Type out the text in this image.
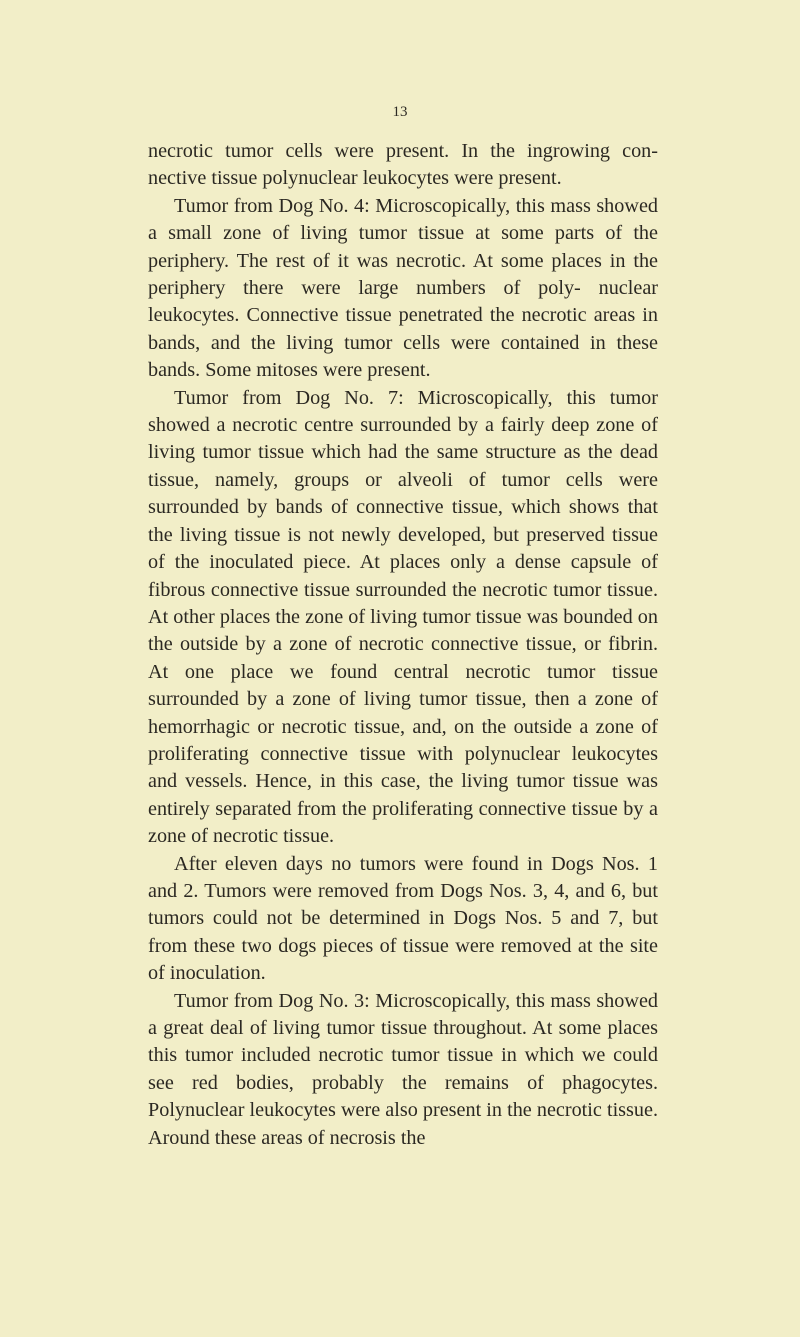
13

necrotic tumor cells were present. In the ingrowing con- nective tissue polynuclear leukocytes were present.

Tumor from Dog No. 4: Microscopically, this mass showed a small zone of living tumor tissue at some parts of the periphery. The rest of it was necrotic. At some places in the periphery there were large numbers of poly- nuclear leukocytes. Connective tissue penetrated the necrotic areas in bands, and the living tumor cells were contained in these bands. Some mitoses were present.

Tumor from Dog No. 7: Microscopically, this tumor showed a necrotic centre surrounded by a fairly deep zone of living tumor tissue which had the same structure as the dead tissue, namely, groups or alveoli of tumor cells were surrounded by bands of connective tissue, which shows that the living tissue is not newly developed, but preserved tissue of the inoculated piece. At places only a dense capsule of fibrous connective tissue surrounded the necrotic tumor tissue. At other places the zone of living tumor tissue was bounded on the outside by a zone of necrotic connective tissue, or fibrin. At one place we found central necrotic tumor tissue surrounded by a zone of living tumor tissue, then a zone of hemorrhagic or necrotic tissue, and, on the outside a zone of proliferating connective tissue with polynuclear leukocytes and vessels. Hence, in this case, the living tumor tissue was entirely separated from the proliferating connective tissue by a zone of necrotic tissue.

After eleven days no tumors were found in Dogs Nos. 1 and 2. Tumors were removed from Dogs Nos. 3, 4, and 6, but tumors could not be determined in Dogs Nos. 5 and 7, but from these two dogs pieces of tissue were removed at the site of inoculation.

Tumor from Dog No. 3: Microscopically, this mass showed a great deal of living tumor tissue throughout. At some places this tumor included necrotic tumor tissue in which we could see red bodies, probably the remains of phagocytes. Polynuclear leukocytes were also present in the necrotic tissue. Around these areas of necrosis the
